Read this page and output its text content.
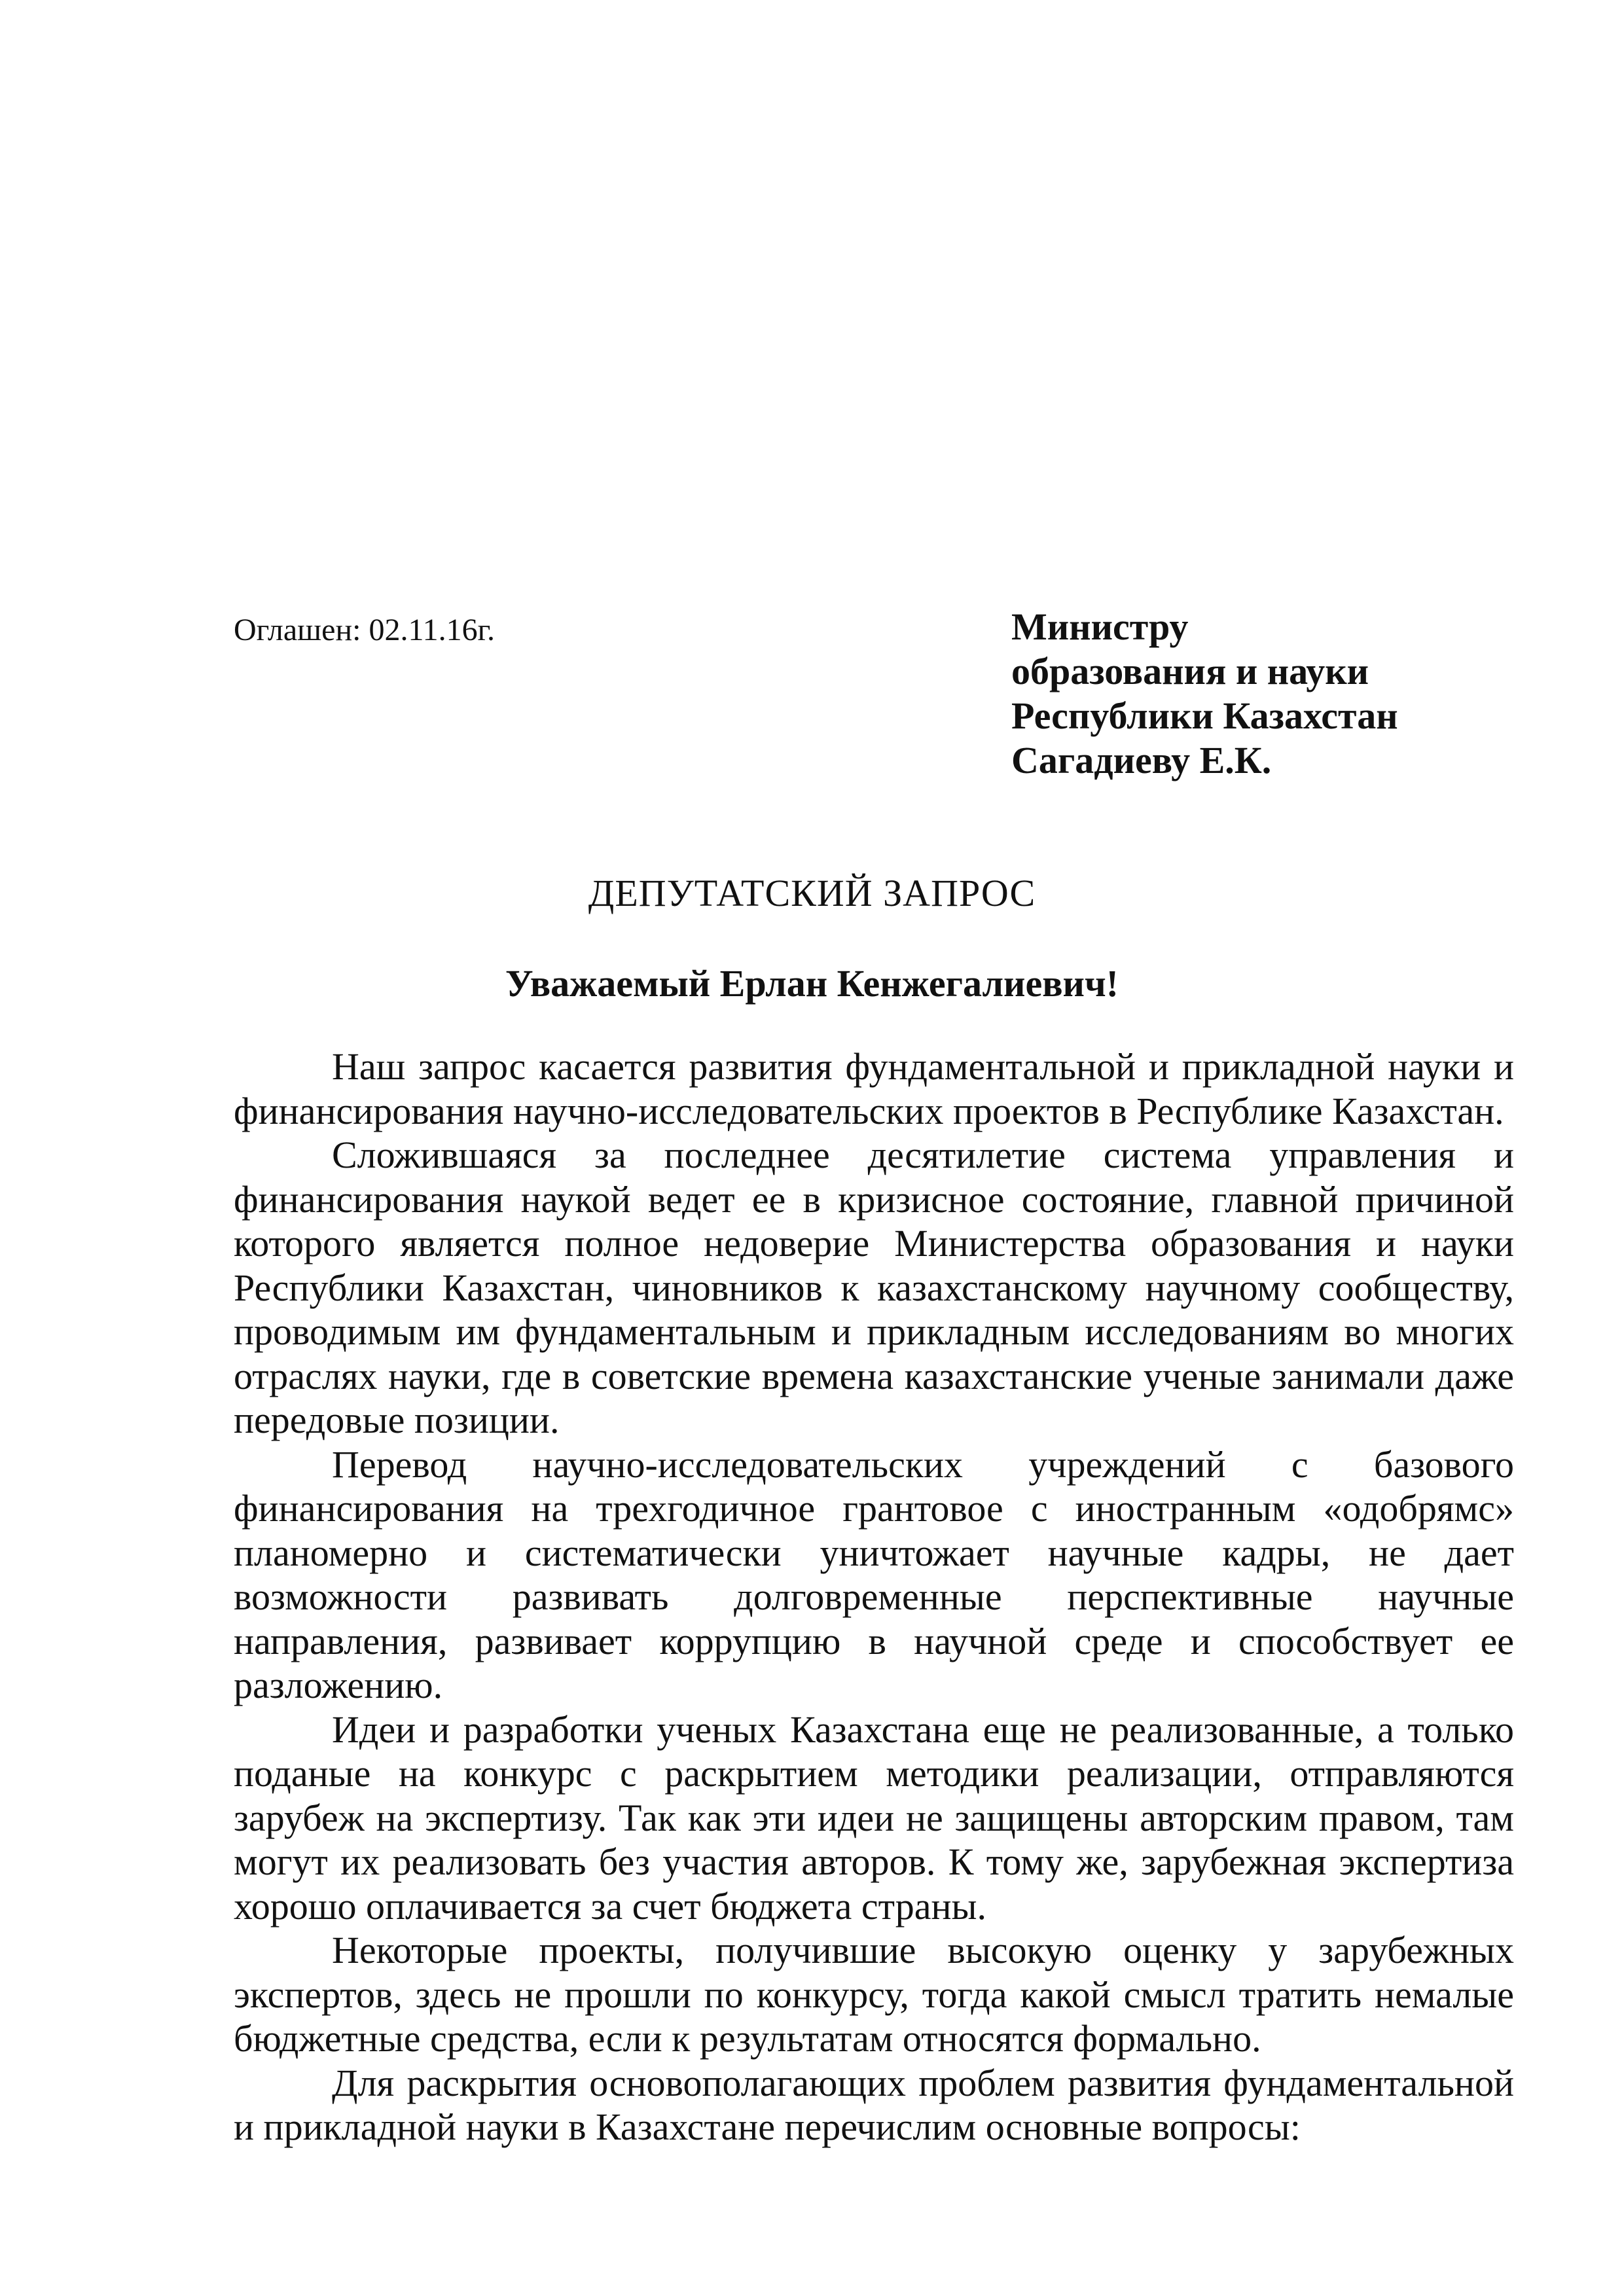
Оглашен: 02.11.16г.	Министру
образования и науки
Республики Казахстан
Сагадиеву Е.К.
ДЕПУТАТСКИЙ ЗАПРОС
Уважаемый Ерлан Кенжегалиевич!

Наш запрос касается развития фундаментальной и прикладной науки и финансирования научно-исследовательских проектов в Республике Казахстан.

Сложившаяся за последнее десятилетие система управления и финансирования наукой ведет ее в кризисное состояние, главной причиной которого является полное недоверие Министерства образования и науки Республики Казахстан, чиновников к казахстанскому научному сообществу, проводимым им фундаментальным и прикладным исследованиям во многих отраслях науки, где в советские времена казахстанские ученые занимали даже передовые позиции.

Перевод научно-исследовательских учреждений с базового финансирования на трехгодичное грантовое с иностранным «одобрямс» планомерно и систематически уничтожает научные кадры, не дает возможности развивать долговременные перспективные научные направления, развивает коррупцию в научной среде и способствует ее разложению.

Идеи и разработки ученых Казахстана еще не реализованные, а только поданые на конкурс с раскрытием методики реализации, отправляются зарубеж на экспертизу. Так как эти идеи не защищены авторским правом, там могут их реализовать без участия авторов. К тому же, зарубежная экспертиза хорошо оплачивается за счет бюджета страны.

Некоторые проекты, получившие высокую оценку у зарубежных экспертов, здесь не прошли по конкурсу, тогда какой смысл тратить немалые бюджетные средства, если к результатам относятся формально.

Для раскрытия основополагающих проблем развития фундаментальной и прикладной науки в Казахстане перечислим основные вопросы:
